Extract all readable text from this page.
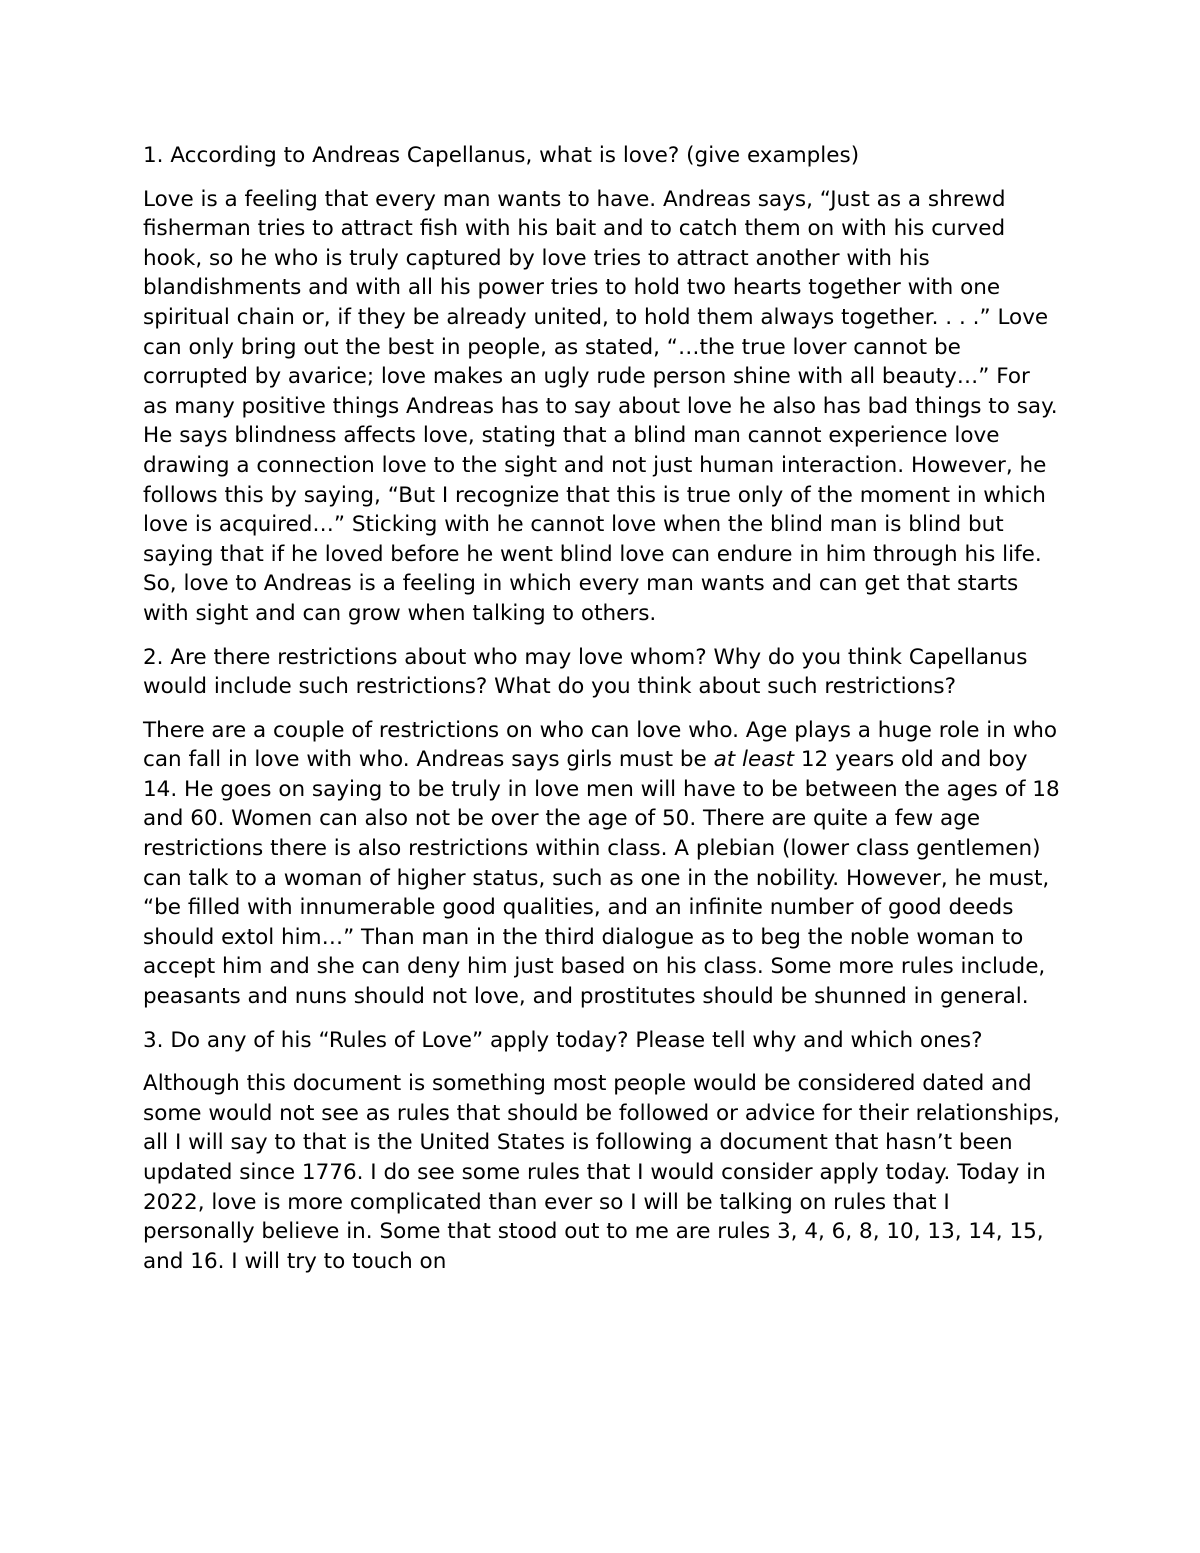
1. According to Andreas Capellanus, what is love? (give examples)

Love is a feeling that every man wants to have. Andreas says, “Just as a shrewd fisherman tries to attract fish with his bait and to catch them on with his curved hook, so he who is truly captured by love tries to attract another with his blandishments and with all his power tries to hold two hearts together with one spiritual chain or, if they be already united, to hold them always together. . . .” Love can only bring out the best in people, as stated, “…the true lover cannot be corrupted by avarice; love makes an ugly rude person shine with all beauty…” For as many positive things Andreas has to say about love he also has bad things to say. He says blindness affects love, stating that a blind man cannot experience love drawing a connection love to the sight and not just human interaction. However, he follows this by saying, “But I recognize that this is true only of the moment in which love is acquired…” Sticking with he cannot love when the blind man is blind but saying that if he loved before he went blind love can endure in him through his life. So, love to Andreas is a feeling in which every man wants and can get that starts with sight and can grow when talking to others.

2. Are there restrictions about who may love whom? Why do you think Capellanus would include such restrictions? What do you think about such restrictions?

There are a couple of restrictions on who can love who. Age plays a huge role in who can fall in love with who. Andreas says girls must be at least 12 years old and boy 14. He goes on saying to be truly in love men will have to be between the ages of 18 and 60. Women can also not be over the age of 50. There are quite a few age restrictions there is also restrictions within class. A plebian (lower class gentlemen) can talk to a woman of higher status, such as one in the nobility. However, he must, “be filled with innumerable good qualities, and an infinite number of good deeds should extol him…” Than man in the third dialogue as to beg the noble woman to accept him and she can deny him just based on his class. Some more rules include, peasants and nuns should not love, and prostitutes should be shunned in general.

3. Do any of his “Rules of Love” apply today? Please tell why and which ones?

Although this document is something most people would be considered dated and some would not see as rules that should be followed or advice for their relationships, all I will say to that is the United States is following a document that hasn’t been updated since 1776. I do see some rules that I would consider apply today. Today in 2022, love is more complicated than ever so I will be talking on rules that I personally believe in. Some that stood out to me are rules 3, 4, 6, 8, 10, 13, 14, 15, and 16. I will try to touch on
